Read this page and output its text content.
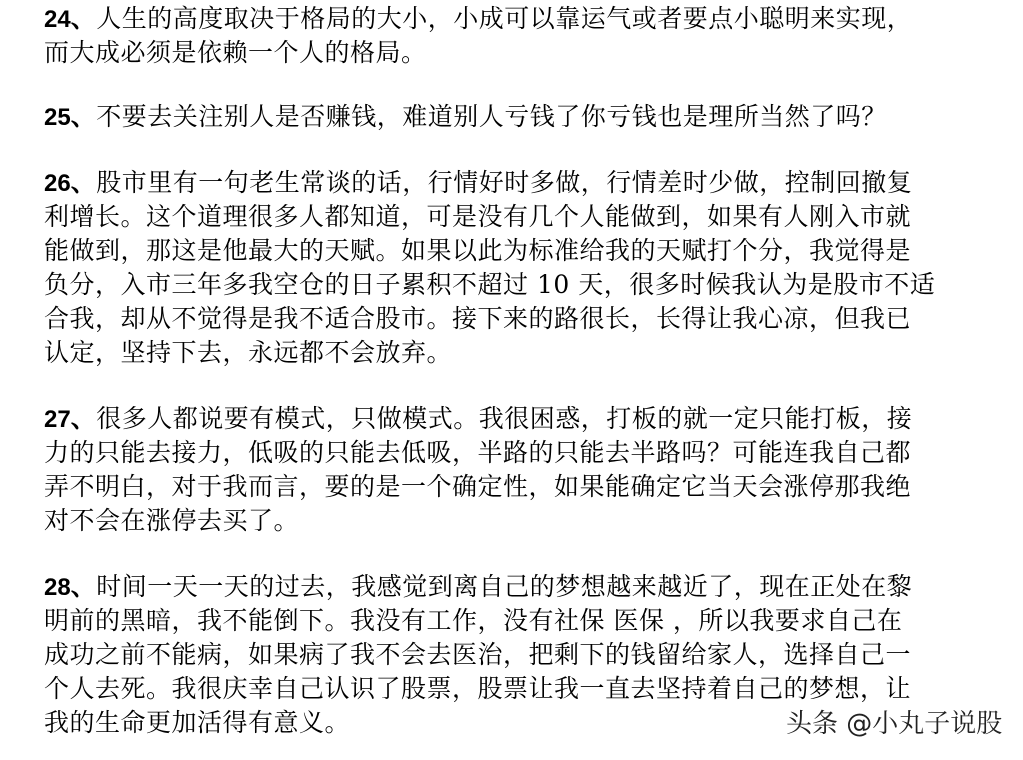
24、人生的高度取决于格局的大小，小成可以靠运气或者要点小聪明来实现，
而大成必须是依赖一个人的格局。
25、不要去关注别人是否赚钱，难道别人亏钱了你亏钱也是理所当然了吗？
26、股市里有一句老生常谈的话，行情好时多做，行情差时少做，控制回撤复
利增长。这个道理很多人都知道，可是没有几个人能做到，如果有人刚入市就
能做到，那这是他最大的天赋。如果以此为标准给我的天赋打个分，我觉得是
负分，入市三年多我空仓的日子累积不超过 10 天，很多时候我认为是股市不适
合我，却从不觉得是我不适合股市。接下来的路很长，长得让我心凉，但我已
认定，坚持下去，永远都不会放弃。
27、很多人都说要有模式，只做模式。我很困惑，打板的就一定只能打板，接
力的只能去接力，低吸的只能去低吸，半路的只能去半路吗？可能连我自己都
弄不明白，对于我而言，要的是一个确定性，如果能确定它当天会涨停那我绝
对不会在涨停去买了。
28、时间一天一天的过去，我感觉到离自己的梦想越来越近了，现在正处在黎
明前的黑暗，我不能倒下。我没有工作，没有社保 医保 ，所以我要求自己在
成功之前不能病，如果病了我不会去医治，把剩下的钱留给家人，选择自己一
个人去死。我很庆幸自己认识了股票，股票让我一直去坚持着自己的梦想，让
我的生命更加活得有意义。	头条 @小丸子说股
